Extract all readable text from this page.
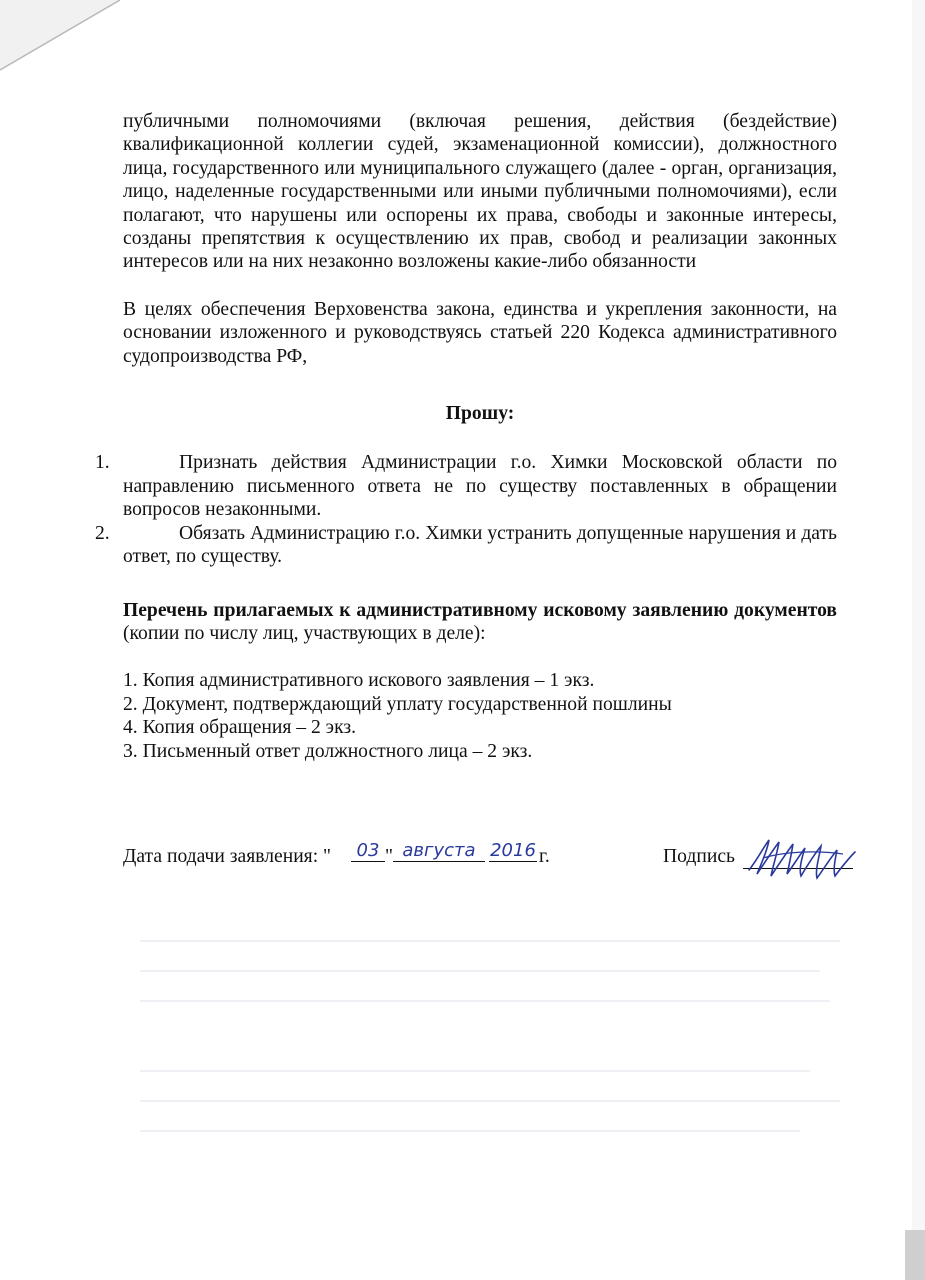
публичными полномочиями (включая решения, действия (бездействие) квалификационной коллегии судей, экзаменационной комиссии), должностного лица, государственного или муниципального служащего (далее - орган, организация, лицо, наделенные государственными или иными публичными полномочиями), если полагают, что нарушены или оспорены их права, свободы и законные интересы, созданы препятствия к осуществлению их прав, свобод и реализации законных интересов или на них незаконно возложены какие-либо обязанности

В целях обеспечения Верховенства закона, единства и укрепления законности, на основании изложенного и руководствуясь статьей 220 Кодекса административного судопроизводства РФ,

Прошу:
1.	Признать действия Администрации г.о. Химки Московской области по направлению письменного ответа не по существу поставленных в обращении вопросов незаконными.
2.	Обязать Администрацию г.о. Химки устранить допущенные нарушения и дать ответ, по существу.
Перечень прилагаемых к административному исковому заявлению документов (копии по числу лиц, участвующих в деле):
1. Копия административного искового заявления – 1 экз.
2. Документ, подтверждающий уплату государственной пошлины
4. Копия обращения – 2 экз.
3. Письменный ответ должностного лица – 2 экз.
Дата подачи заявления: "	03 " августа 2016 г.	Подпись
